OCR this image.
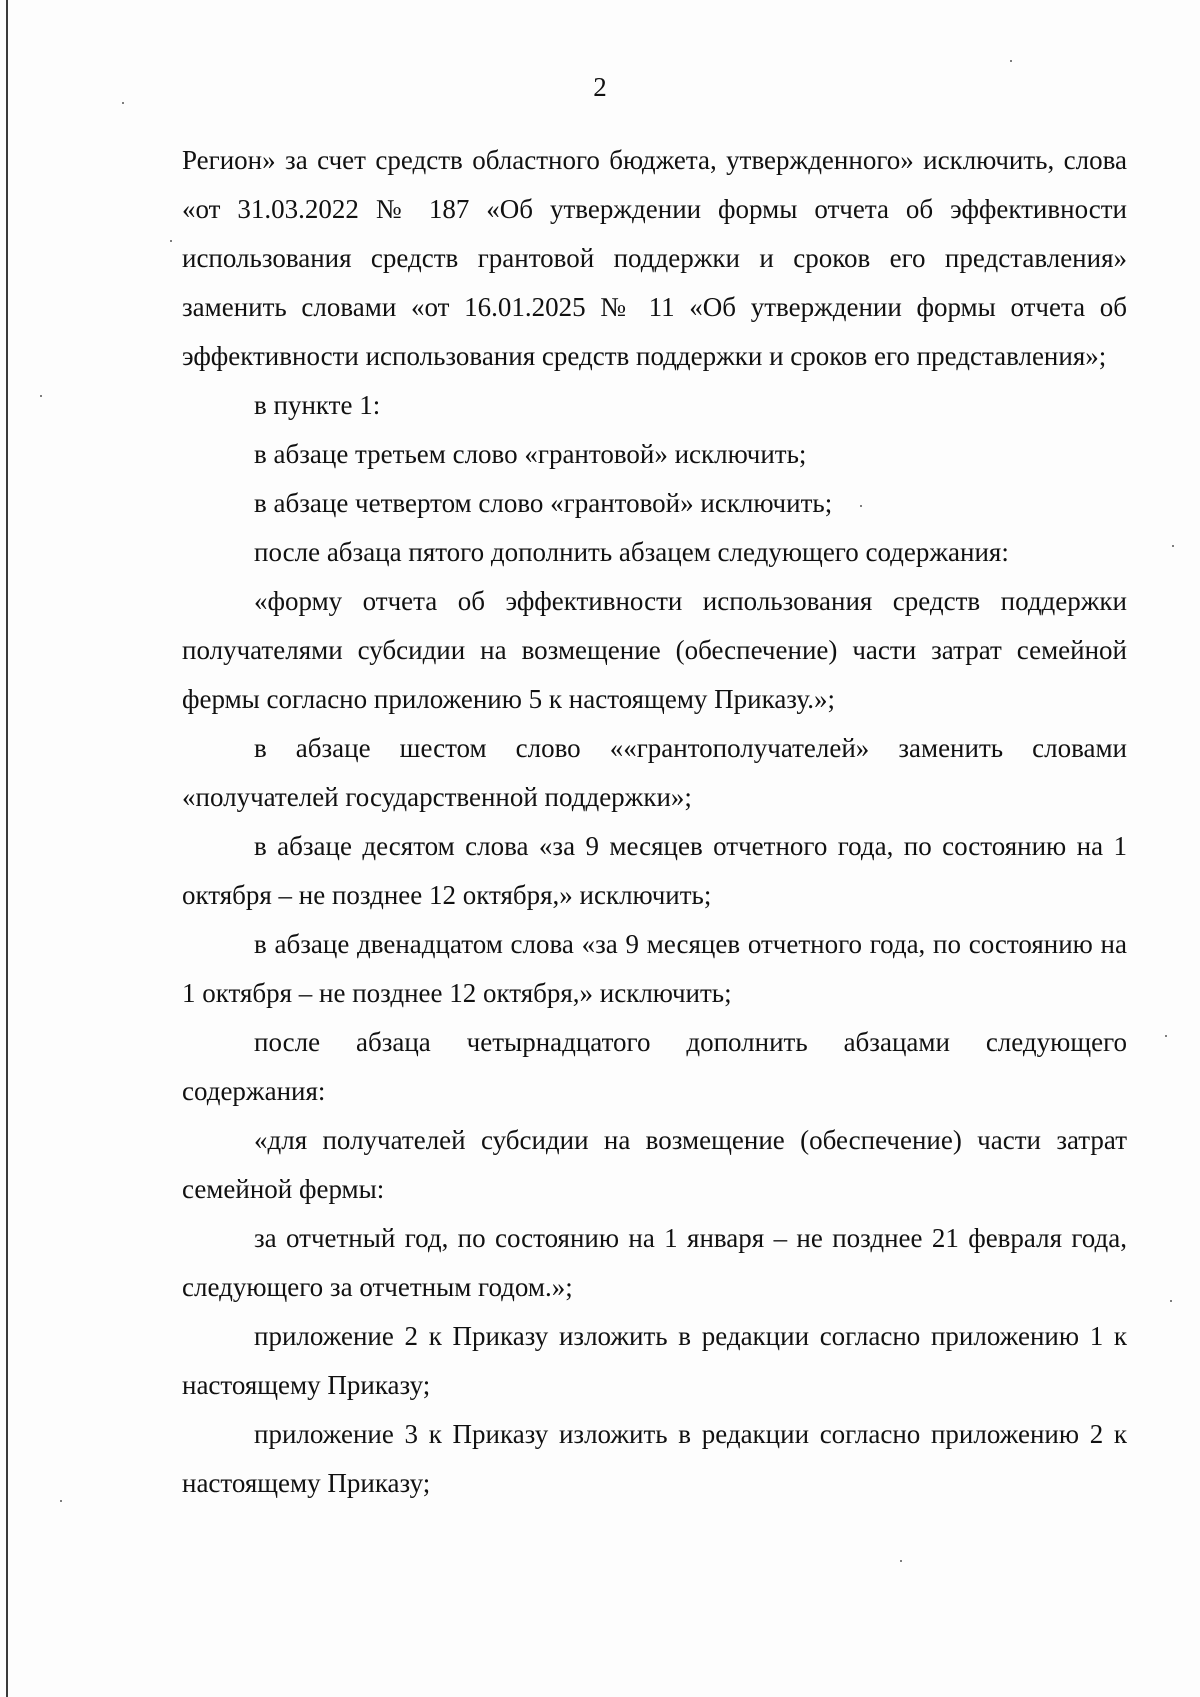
2

Регион» за счет средств областного бюджета, утвержденного» исключить, слова «от 31.03.2022 № 187 «Об утверждении формы отчета об эффективности использования средств грантовой поддержки и сроков его представления» заменить словами «от 16.01.2025 № 11 «Об утверждении формы отчета об эффективности использования средств поддержки и сроков его представления»;

в пункте 1:

в абзаце третьем слово «грантовой» исключить;

в абзаце четвертом слово «грантовой» исключить;

после абзаца пятого дополнить абзацем следующего содержания:

«форму отчета об эффективности использования средств поддержки получателями субсидии на возмещение (обеспечение) части затрат семейной фермы согласно приложению 5 к настоящему Приказу.»;

в абзаце шестом слово ««грантополучателей» заменить словами «получателей государственной поддержки»;

в абзаце десятом слова «за 9 месяцев отчетного года, по состоянию на 1 октября – не позднее 12 октября,» исключить;

в абзаце двенадцатом слова «за 9 месяцев отчетного года, по состоянию на 1 октября – не позднее 12 октября,» исключить;

после абзаца четырнадцатого дополнить абзацами следующего содержания:

«для получателей субсидии на возмещение (обеспечение) части затрат семейной фермы:

за отчетный год, по состоянию на 1 января – не позднее 21 февраля года, следующего за отчетным годом.»;

приложение 2 к Приказу изложить в редакции согласно приложению 1 к настоящему Приказу;

приложение 3 к Приказу изложить в редакции согласно приложению 2 к настоящему Приказу;
